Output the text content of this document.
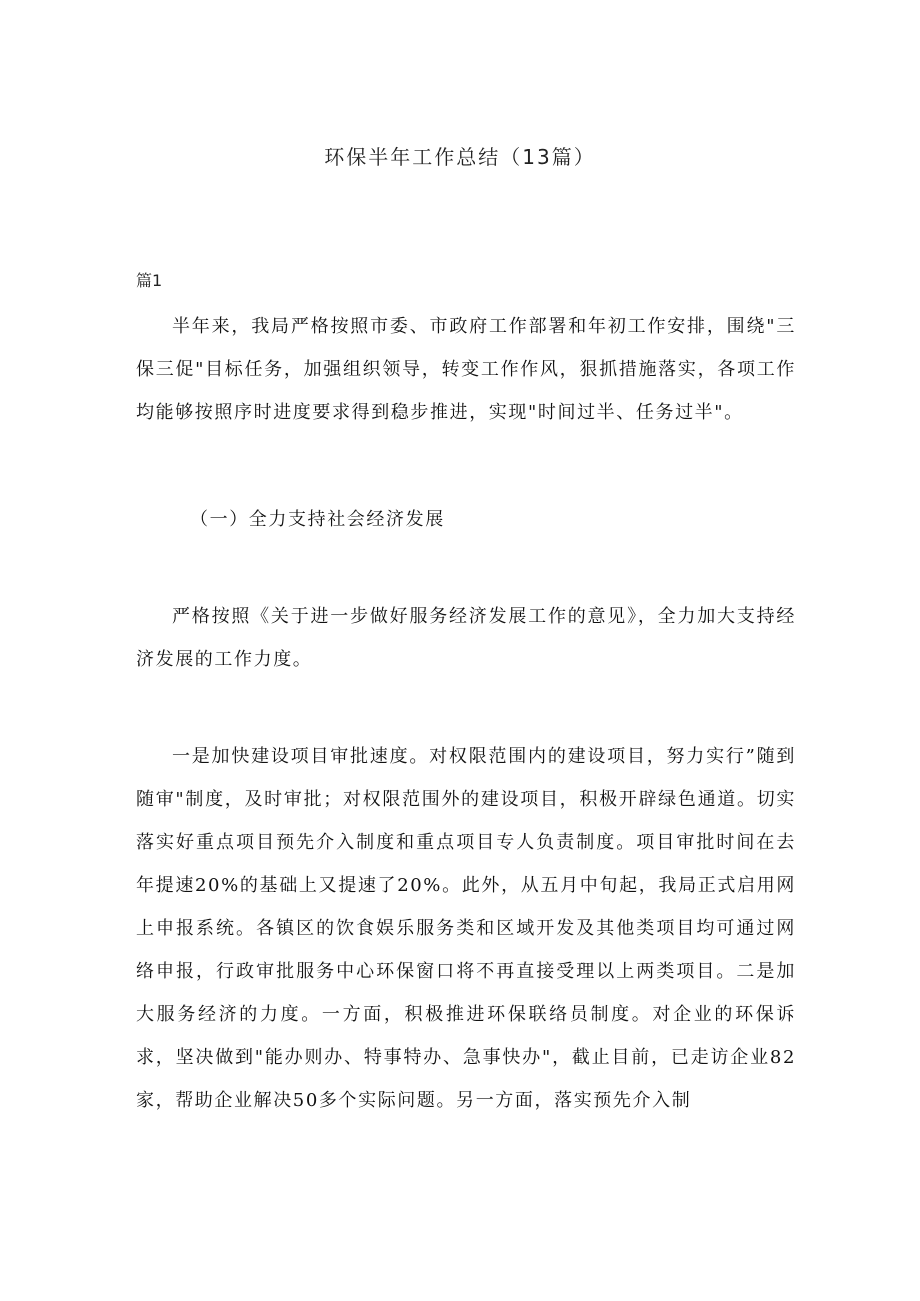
环保半年工作总结（13篇）
篇1

半年来，我局严格按照市委、市政府工作部署和年初工作安排，围绕"三保三促"目标任务，加强组织领导，转变工作作风，狠抓措施落实，各项工作均能够按照序时进度要求得到稳步推进，实现"时间过半、任务过半"。

（一）全力支持社会经济发展

严格按照《关于进一步做好服务经济发展工作的意见》，全力加大支持经济发展的工作力度。

一是加快建设项目审批速度。对权限范围内的建设项目，努力实行”随到随审"制度，及时审批；对权限范围外的建设项目，积极开辟绿色通道。切实落实好重点项目预先介入制度和重点项目专人负责制度。项目审批时间在去年提速20%的基础上又提速了20%。此外，从五月中旬起，我局正式启用网上申报系统。各镇区的饮食娱乐服务类和区域开发及其他类项目均可通过网络申报，行政审批服务中心环保窗口将不再直接受理以上两类项目。二是加大服务经济的力度。一方面，积极推进环保联络员制度。对企业的环保诉求，坚决做到"能办则办、特事特办、急事快办"，截止目前，已走访企业82家，帮助企业解决50多个实际问题。另一方面，落实预先介入制
